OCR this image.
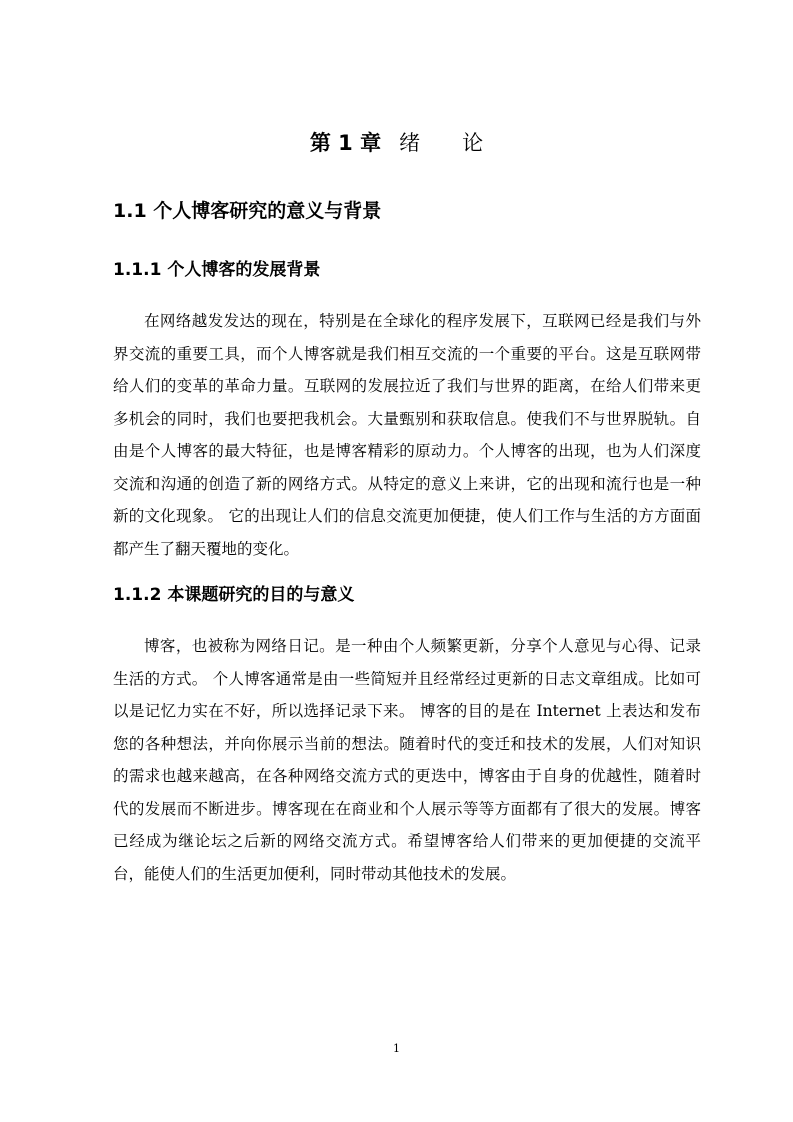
第 1 章 绪 论
1.1 个人博客研究的意义与背景
1.1.1 个人博客的发展背景

在网络越发发达的现在，特别是在全球化的程序发展下，互联网已经是我们与外界交流的重要工具，而个人博客就是我们相互交流的一个重要的平台。这是互联网带给人们的变革的革命力量。互联网的发展拉近了我们与世界的距离，在给人们带来更多机会的同时，我们也要把我机会。大量甄别和获取信息。使我们不与世界脱轨。自由是个人博客的最大特征，也是博客精彩的原动力。个人博客的出现，也为人们深度交流和沟通的创造了新的网络方式。从特定的意义上来讲，它的出现和流行也是一种新的文化现象。 它的出现让人们的信息交流更加便捷，使人们工作与生活的方方面面都产生了翻天覆地的变化。

1.1.2 本课题研究的目的与意义

博客，也被称为网络日记。是一种由个人频繁更新，分享个人意见与心得、记录生活的方式。 个人博客通常是由一些简短并且经常经过更新的日志文章组成。比如可以是记忆力实在不好，所以选择记录下来。 博客的目的是在 Internet 上表达和发布您的各种想法，并向你展示当前的想法。随着时代的变迁和技术的发展，人们对知识的需求也越来越高，在各种网络交流方式的更迭中，博客由于自身的优越性，随着时代的发展而不断进步。博客现在在商业和个人展示等等方面都有了很大的发展。博客已经成为继论坛之后新的网络交流方式。希望博客给人们带来的更加便捷的交流平台，能使人们的生活更加便利，同时带动其他技术的发展。

1
